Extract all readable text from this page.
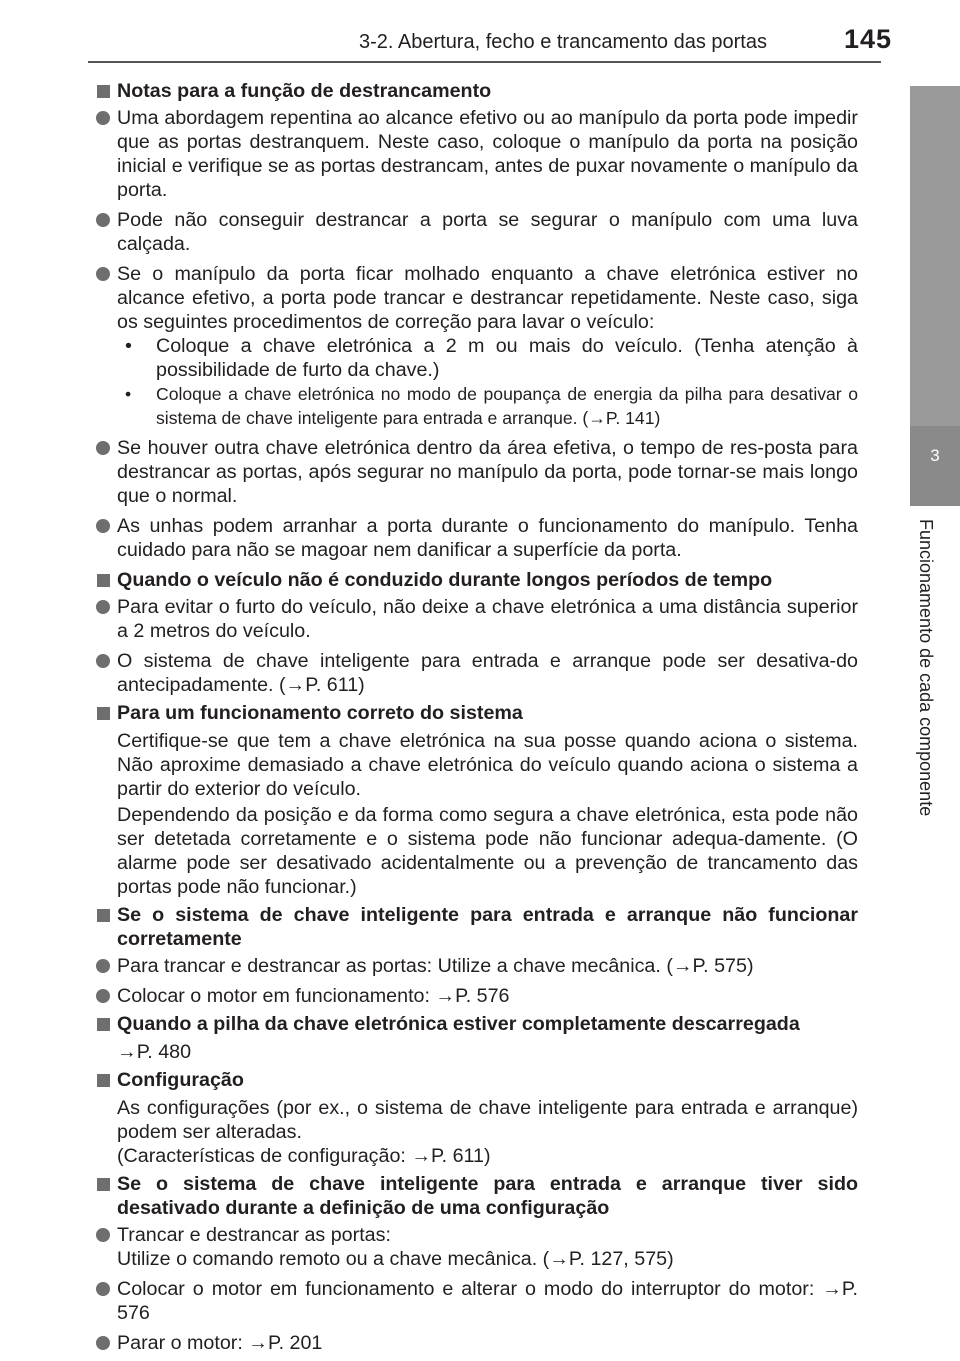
3-2. Abertura, fecho e trancamento das portas	145
3
Funcionamento de cada componente
Notas para a função de destrancamento
Uma abordagem repentina ao alcance efetivo ou ao manípulo da porta pode impedir que as portas destranquem. Neste caso, coloque o manípulo da porta na posição inicial e verifique se as portas destrancam, antes de puxar novamente o manípulo da porta.
Pode não conseguir destrancar a porta se segurar o manípulo com uma luva calçada.
Se o manípulo da porta ficar molhado enquanto a chave eletrónica estiver no alcance efetivo, a porta pode trancar e destrancar repetidamente. Neste caso, siga os seguintes procedimentos de correção para lavar o veículo:
• Coloque a chave eletrónica a 2 m ou mais do veículo. (Tenha atenção à possibilidade de furto da chave.)
• Coloque a chave eletrónica no modo de poupança de energia da pilha para desativar o sistema de chave inteligente para entrada e arranque. (→P. 141)
Se houver outra chave eletrónica dentro da área efetiva, o tempo de res-posta para destrancar as portas, após segurar no manípulo da porta, pode tornar-se mais longo que o normal.
As unhas podem arranhar a porta durante o funcionamento do manípulo. Tenha cuidado para não se magoar nem danificar a superfície da porta.
Quando o veículo não é conduzido durante longos períodos de tempo
Para evitar o furto do veículo, não deixe a chave eletrónica a uma distância superior a 2 metros do veículo.
O sistema de chave inteligente para entrada e arranque pode ser desativa-do antecipadamente. (→P. 611)
Para um funcionamento correto do sistema
Certifique-se que tem a chave eletrónica na sua posse quando aciona o sistema. Não aproxime demasiado a chave eletrónica do veículo quando aciona o sistema a partir do exterior do veículo.
Dependendo da posição e da forma como segura a chave eletrónica, esta pode não ser detetada corretamente e o sistema pode não funcionar adequa-damente. (O alarme pode ser desativado acidentalmente ou a prevenção de trancamento das portas pode não funcionar.)
Se o sistema de chave inteligente para entrada e arranque não funcionar corretamente
Para trancar e destrancar as portas: Utilize a chave mecânica. (→P. 575)
Colocar o motor em funcionamento: →P. 576
Quando a pilha da chave eletrónica estiver completamente descarregada
→P. 480
Configuração
As configurações (por ex., o sistema de chave inteligente para entrada e arranque) podem ser alteradas.
(Características de configuração: →P. 611)
Se o sistema de chave inteligente para entrada e arranque tiver sido desativado durante a definição de uma configuração
Trancar e destrancar as portas:
Utilize o comando remoto ou a chave mecânica. (→P. 127, 575)
Colocar o motor em funcionamento e alterar o modo do interruptor do motor: →P. 576
Parar o motor: →P. 201
